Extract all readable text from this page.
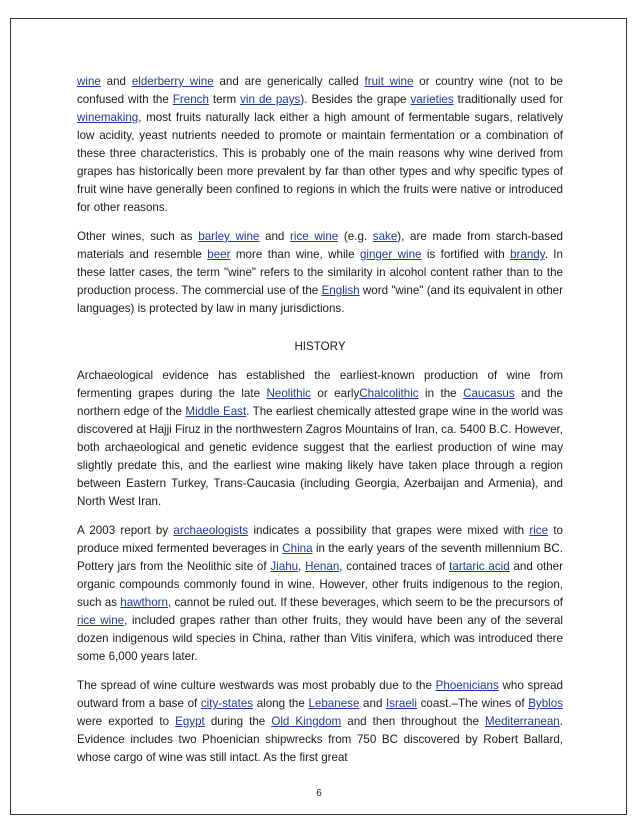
wine and elderberry wine and are generically called fruit wine or country wine (not to be confused with the French term vin de pays). Besides the grape varieties traditionally used for winemaking, most fruits naturally lack either a high amount of fermentable sugars, relatively low acidity, yeast nutrients needed to promote or maintain fermentation or a combination of these three characteristics. This is probably one of the main reasons why wine derived from grapes has historically been more prevalent by far than other types and why specific types of fruit wine have generally been confined to regions in which the fruits were native or introduced for other reasons.

Other wines, such as barley wine and rice wine (e.g. sake), are made from starch-based materials and resemble beer more than wine, while ginger wine is fortified with brandy. In these latter cases, the term "wine" refers to the similarity in alcohol content rather than to the production process. The commercial use of the English word "wine" (and its equivalent in other languages) is protected by law in many jurisdictions.

HISTORY

Archaeological evidence has established the earliest-known production of wine from fermenting grapes during the late Neolithic or earlyChalcolithic in the Caucasus and the northern edge of the Middle East. The earliest chemically attested grape wine in the world was discovered at Hajji Firuz in the northwestern Zagros Mountains of Iran, ca. 5400 B.C. However, both archaeological and genetic evidence suggest that the earliest production of wine may slightly predate this, and the earliest wine making likely have taken place through a region between Eastern Turkey, Trans-Caucasia (including Georgia, Azerbaijan and Armenia), and North West Iran.

A 2003 report by archaeologists indicates a possibility that grapes were mixed with rice to produce mixed fermented beverages in China in the early years of the seventh millennium BC. Pottery jars from the Neolithic site of Jiahu, Henan, contained traces of tartaric acid and other organic compounds commonly found in wine. However, other fruits indigenous to the region, such as hawthorn, cannot be ruled out. If these beverages, which seem to be the precursors of rice wine, included grapes rather than other fruits, they would have been any of the several dozen indigenous wild species in China, rather than Vitis vinifera, which was introduced there some 6,000 years later.

The spread of wine culture westwards was most probably due to the Phoenicians who spread outward from a base of city-states along the Lebanese and Israeli coast.–The wines of Byblos were exported to Egypt during the Old Kingdom and then throughout the Mediterranean. Evidence includes two Phoenician shipwrecks from 750 BC discovered by Robert Ballard, whose cargo of wine was still intact. As the first great

6
